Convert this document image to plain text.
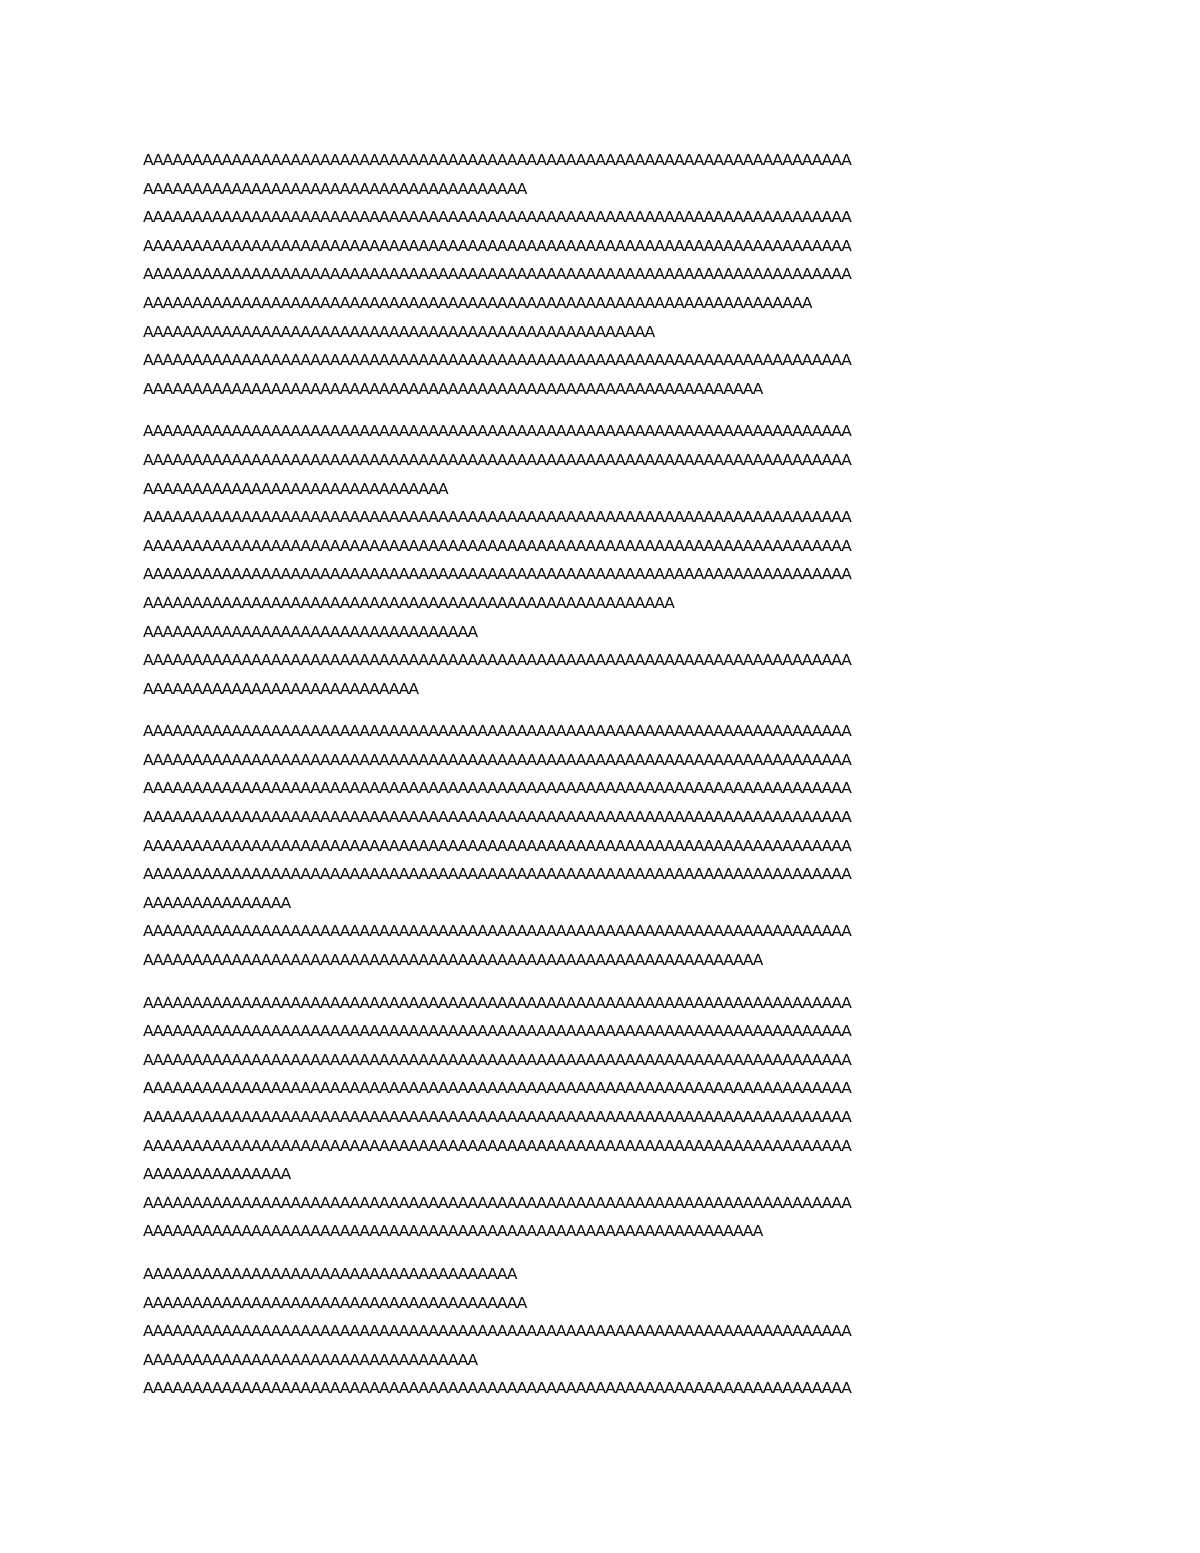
AAAAAAAAAAAAAAAAAAAAAAAAAAAAAAAAAAAAAAAAAAAAAAAAAAAAAAAAAAAAAAAAAAAAAAAA
AAAAAAAAAAAAAAAAAAAAAAAAAAAAAAAAAAAAAAA
AAAAAAAAAAAAAAAAAAAAAAAAAAAAAAAAAAAAAAAAAAAAAAAAAAAAAAAAAAAAAAAAAAAAAAAA
AAAAAAAAAAAAAAAAAAAAAAAAAAAAAAAAAAAAAAAAAAAAAAAAAAAAAAAAAAAAAAAAAAAAAAAA
AAAAAAAAAAAAAAAAAAAAAAAAAAAAAAAAAAAAAAAAAAAAAAAAAAAAAAAAAAAAAAAAAAAAAAAA
AAAAAAAAAAAAAAAAAAAAAAAAAAAAAAAAAAAAAAAAAAAAAAAAAAAAAAAAAAAAAAAAAAAA
AAAAAAAAAAAAAAAAAAAAAAAAAAAAAAAAAAAAAAAAAAAAAAAAAAAA
AAAAAAAAAAAAAAAAAAAAAAAAAAAAAAAAAAAAAAAAAAAAAAAAAAAAAAAAAAAAAAAAAAAAAAAA
AAAAAAAAAAAAAAAAAAAAAAAAAAAAAAAAAAAAAAAAAAAAAAAAAAAAAAAAAAAAAAA
AAAAAAAAAAAAAAAAAAAAAAAAAAAAAAAAAAAAAAAAAAAAAAAAAAAAAAAAAAAAAAAAAAAAAAAA
AAAAAAAAAAAAAAAAAAAAAAAAAAAAAAAAAAAAAAAAAAAAAAAAAAAAAAAAAAAAAAAAAAAAAAAA
AAAAAAAAAAAAAAAAAAAAAAAAAAAAAAA
AAAAAAAAAAAAAAAAAAAAAAAAAAAAAAAAAAAAAAAAAAAAAAAAAAAAAAAAAAAAAAAAAAAAAAAA
AAAAAAAAAAAAAAAAAAAAAAAAAAAAAAAAAAAAAAAAAAAAAAAAAAAAAAAAAAAAAAAAAAAAAAAA
AAAAAAAAAAAAAAAAAAAAAAAAAAAAAAAAAAAAAAAAAAAAAAAAAAAAAAAAAAAAAAAAAAAAAAAA
AAAAAAAAAAAAAAAAAAAAAAAAAAAAAAAAAAAAAAAAAAAAAAAAAAAAAA
AAAAAAAAAAAAAAAAAAAAAAAAAAAAAAAAAA
AAAAAAAAAAAAAAAAAAAAAAAAAAAAAAAAAAAAAAAAAAAAAAAAAAAAAAAAAAAAAAAAAAAAAAAA
AAAAAAAAAAAAAAAAAAAAAAAAAAAA
AAAAAAAAAAAAAAAAAAAAAAAAAAAAAAAAAAAAAAAAAAAAAAAAAAAAAAAAAAAAAAAAAAAAAAAA
AAAAAAAAAAAAAAAAAAAAAAAAAAAAAAAAAAAAAAAAAAAAAAAAAAAAAAAAAAAAAAAAAAAAAAAA
AAAAAAAAAAAAAAAAAAAAAAAAAAAAAAAAAAAAAAAAAAAAAAAAAAAAAAAAAAAAAAAAAAAAAAAA
AAAAAAAAAAAAAAAAAAAAAAAAAAAAAAAAAAAAAAAAAAAAAAAAAAAAAAAAAAAAAAAAAAAAAAAA
AAAAAAAAAAAAAAAAAAAAAAAAAAAAAAAAAAAAAAAAAAAAAAAAAAAAAAAAAAAAAAAAAAAAAAAA
AAAAAAAAAAAAAAAAAAAAAAAAAAAAAAAAAAAAAAAAAAAAAAAAAAAAAAAAAAAAAAAAAAAAAAAA
AAAAAAAAAAAAAAA
AAAAAAAAAAAAAAAAAAAAAAAAAAAAAAAAAAAAAAAAAAAAAAAAAAAAAAAAAAAAAAAAAAAAAAAA
AAAAAAAAAAAAAAAAAAAAAAAAAAAAAAAAAAAAAAAAAAAAAAAAAAAAAAAAAAAAAAA
AAAAAAAAAAAAAAAAAAAAAAAAAAAAAAAAAAAAAAAAAAAAAAAAAAAAAAAAAAAAAAAAAAAAAAAA
AAAAAAAAAAAAAAAAAAAAAAAAAAAAAAAAAAAAAAAAAAAAAAAAAAAAAAAAAAAAAAAAAAAAAAAA
AAAAAAAAAAAAAAAAAAAAAAAAAAAAAAAAAAAAAAAAAAAAAAAAAAAAAAAAAAAAAAAAAAAAAAAA
AAAAAAAAAAAAAAAAAAAAAAAAAAAAAAAAAAAAAAAAAAAAAAAAAAAAAAAAAAAAAAAAAAAAAAAA
AAAAAAAAAAAAAAAAAAAAAAAAAAAAAAAAAAAAAAAAAAAAAAAAAAAAAAAAAAAAAAAAAAAAAAAA
AAAAAAAAAAAAAAAAAAAAAAAAAAAAAAAAAAAAAAAAAAAAAAAAAAAAAAAAAAAAAAAAAAAAAAAA
AAAAAAAAAAAAAAA
AAAAAAAAAAAAAAAAAAAAAAAAAAAAAAAAAAAAAAAAAAAAAAAAAAAAAAAAAAAAAAAAAAAAAAAA
AAAAAAAAAAAAAAAAAAAAAAAAAAAAAAAAAAAAAAAAAAAAAAAAAAAAAAAAAAAAAAA
AAAAAAAAAAAAAAAAAAAAAAAAAAAAAAAAAAAAAA
AAAAAAAAAAAAAAAAAAAAAAAAAAAAAAAAAAAAAAA
AAAAAAAAAAAAAAAAAAAAAAAAAAAAAAAAAAAAAAAAAAAAAAAAAAAAAAAAAAAAAAAAAAAAAAAA
AAAAAAAAAAAAAAAAAAAAAAAAAAAAAAAAAA
AAAAAAAAAAAAAAAAAAAAAAAAAAAAAAAAAAAAAAAAAAAAAAAAAAAAAAAAAAAAAAAAAAAAAAAA
